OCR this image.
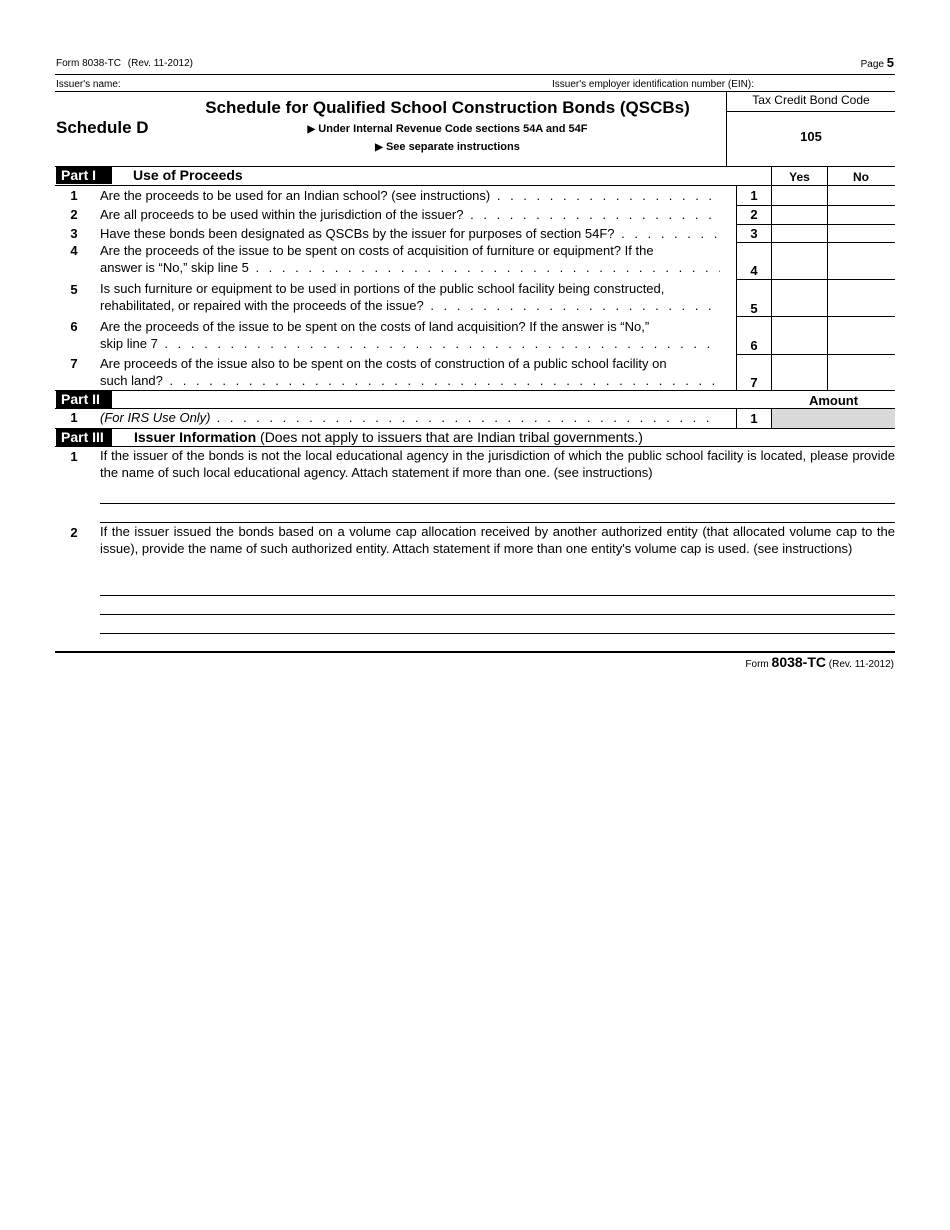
Form 8038-TC (Rev. 11-2012)	Page 5
Issuer's name:	Issuer's employer identification number (EIN):
Schedule D
Schedule for Qualified School Construction Bonds (QSCBs)
▶ Under Internal Revenue Code sections 54A and 54F
▶ See separate instructions
Tax Credit Bond Code
105
Part I	Use of Proceeds	Yes	No
1	Are the proceeds to be used for an Indian school? (see instructions) . . .	1
2	Are all proceeds to be used within the jurisdiction of the issuer? . . .	2
3	Have these bonds been designated as QSCBs by the issuer for purposes of section 54F? . . .	3
4	Are the proceeds of the issue to be spent on costs of acquisition of furniture or equipment? If the
answer is “No,” skip line 5 . . .	4
5	Is such furniture or equipment to be used in portions of the public school facility being constructed,
rehabilitated, or repaired with the proceeds of the issue? . . .	5
6	Are the proceeds of the issue to be spent on the costs of land acquisition? If the answer is “No,”
skip line 7 . . .	6
7	Are proceeds of the issue also to be spent on the costs of construction of a public school facility on
such land? . . .	7
Part II	Amount
1	(For IRS Use Only) . . .	1
Part III	Issuer Information (Does not apply to issuers that are Indian tribal governments.)
1	If the issuer of the bonds is not the local educational agency in the jurisdiction of which the public school facility is located, please provide the name of such local educational agency. Attach statement if more than one. (see instructions)
2	If the issuer issued the bonds based on a volume cap allocation received by another authorized entity (that allocated volume cap to the issue), provide the name of such authorized entity. Attach statement if more than one entity's volume cap is used. (see instructions)
Form 8038-TC (Rev. 11-2012)
